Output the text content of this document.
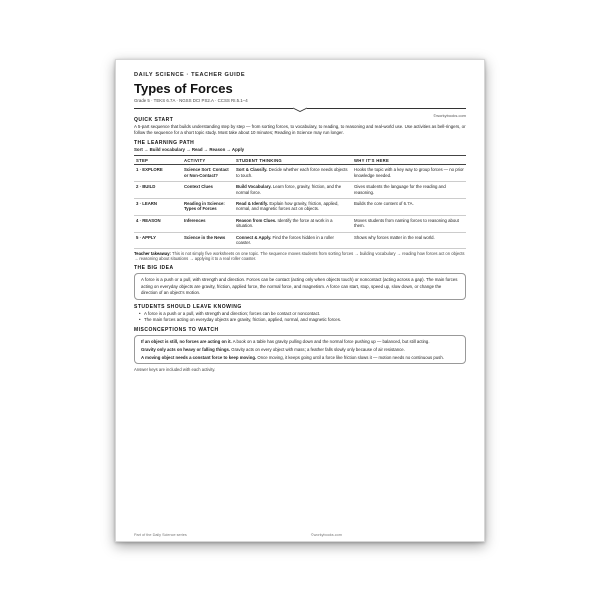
DAILY SCIENCE · TEACHER GUIDE
Types of Forces
Grade 5 · TEKS 6.7A · NGSS DCI PS2.A · CCSS RI.5.1–4
©workybooks.com
QUICK START
A 5-part sequence that builds understanding step by step — from sorting forces, to vocabulary, to reading, to reasoning and real-world use. Use activities as bell-ringers, or follow the sequence for a short topic study. Most take about 10 minutes; Reading in Science may run longer.
THE LEARNING PATH
Sort → Build vocabulary → Read → Reason → Apply
STEP	ACTIVITY	STUDENT THINKING	WHY IT'S HERE
1 · EXPLORE	Science Sort: Contact or Non-Contact?	Sort & Classify. Decide whether each force needs objects to touch.	Hooks the topic with a key way to group forces — no prior knowledge needed.
2 · BUILD	Context Clues	Build Vocabulary. Learn force, gravity, friction, and the normal force.	Gives students the language for the reading and reasoning.
3 · LEARN	Reading in Science: Types of Forces	Read & Identify. Explain how gravity, friction, applied, normal, and magnetic forces act on objects.	Builds the core content of 6.7A.
4 · REASON	Inferences	Reason from Clues. Identify the force at work in a situation.	Moves students from naming forces to reasoning about them.
5 · APPLY	Science in the News	Connect & Apply. Find the forces hidden in a roller coaster.	Shows why forces matter in the real world.
Teacher takeaway: This is not simply five worksheets on one topic. The sequence moves students from sorting forces → building vocabulary → reading how forces act on objects → reasoning about situations → applying it to a real roller coaster.
THE BIG IDEA
A force is a push or a pull, with strength and direction. Forces can be contact (acting only when objects touch) or noncontact (acting across a gap). The main forces acting on everyday objects are gravity, friction, applied force, the normal force, and magnetism. A force can start, stop, speed up, slow down, or change the direction of an object's motion.
STUDENTS SHOULD LEAVE KNOWING
• A force is a push or a pull, with strength and direction; forces can be contact or noncontact.
• The main forces acting on everyday objects are gravity, friction, applied, normal, and magnetic forces.
MISCONCEPTIONS TO WATCH
If an object is still, no forces are acting on it. A book on a table has gravity pulling down and the normal force pushing up — balanced, but still acting.
Gravity only acts on heavy or falling things. Gravity acts on every object with mass; a feather falls slowly only because of air resistance.
A moving object needs a constant force to keep moving. Once moving, it keeps going until a force like friction slows it — motion needs no continuous push.
Answer keys are included with each activity.
Part of the Daily Science series	©workybooks.com
